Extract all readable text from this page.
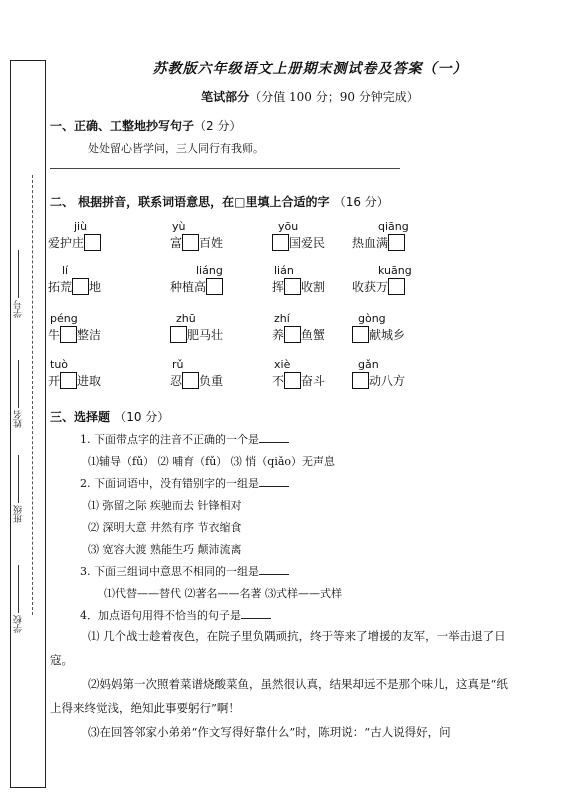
学号
姓名
班级
学校
苏教版六年级语文上册期末测试卷及答案（一）
笔试部分（分值 100 分；90 分钟完成）
一、正确、工整地抄写句子（2 分）
处处留心皆学问，三人同行有我师。
二、 根据拼音，联系词语意思，在□里填上合适的字 （16 分）
jiù
爱护庄
yù
富 百姓
yōu
国爱民
qiāng
热血满
lí
拓荒 地
liáng
种植高
lián
挥 收割
kuāng
收获万
péng
牛 整洁
zhū
肥马壮
zhí
养 鱼蟹
gòng
献城乡
tuò
开 进取
rǔ
忍 负重
xiè
不 奋斗
gǎn
动八方
三、选择题 （10 分）
1. 下面带点字的注音不正确的一个是
⑴辅导（fǔ） ⑵ 哺育（fǔ） ⑶ 悄（qiǎo）无声息
2. 下面词语中，没有错别字的一组是
⑴ 弥留之际 疾驰而去 针锋相对
⑵ 深明大意 井然有序 节衣缩食
⑶ 宽容大渡 熟能生巧 颠沛流离
3. 下面三组词中意思不相同的一组是
⑴代替——替代 ⑵著名——名著 ⑶式样——式样
4．加点语句用得不恰当的句子是
⑴ 几个战士趁着夜色，在院子里负隅顽抗，终于等来了增援的友军，一举击退了日寇。
⑵妈妈第一次照着菜谱烧酸菜鱼，虽然很认真，结果却远不是那个味儿，这真是“纸上得来终觉浅，绝知此事要躬行”啊！
⑶在回答邻家小弟弟“作文写得好靠什么”时，陈玥说：“古人说得好，问
